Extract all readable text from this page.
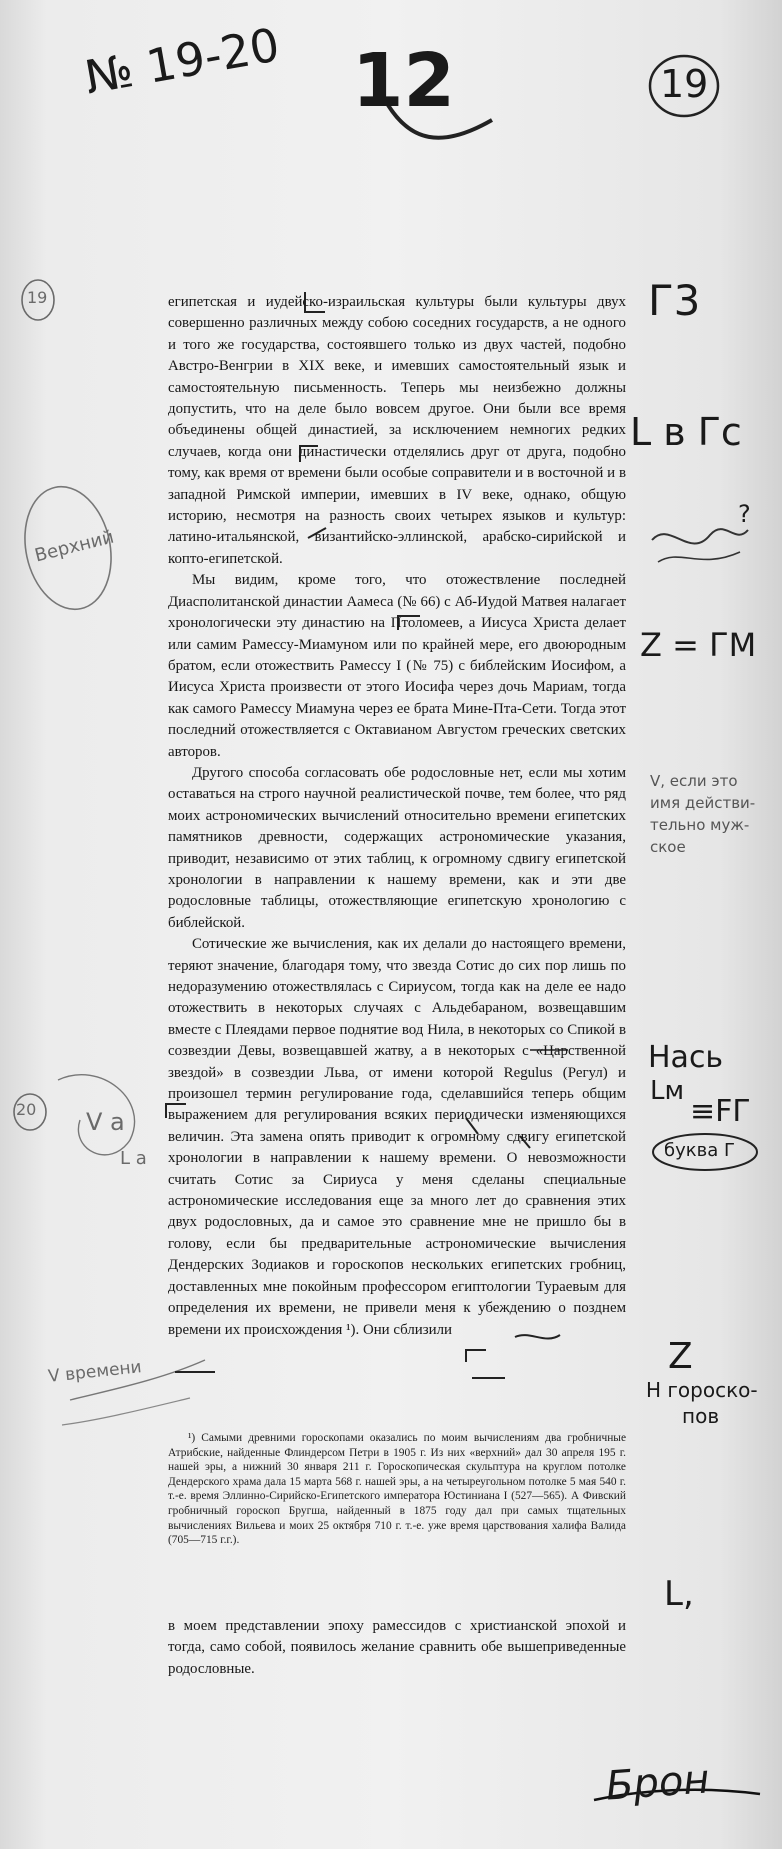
№ 19-20 12	19
19
Верхний
20 V а
L а
V времени
Г3
L в Гс
?
Z = ГМ
V, если это
имя действи-
тельно муж-
ское
Нась
Lм
≡FГ
буква Г
Z
Н гороско-
пов
L,

египетская и иудейско-израильская культуры были культуры двух совершенно различных между собою соседних государств, а не одного и того же государства, состоявшего только из двух частей, подобно Австро-Венгрии в XIX веке, и имевших самостоятельный язык и самостоятельную письменность. Теперь мы неизбежно должны допустить, что на деле было вовсем другое. Они были все время объединены общей династией, за исключением немногих редких случаев, когда они династически отделялись друг от друга, подобно тому, как время от времени были особые соправители и в восточной и в западной Римской империи, имевших в IV веке, однако, общую историю, несмотря на разность своих четырех языков и культур: латино-итальянской, византийско-эллинской, арабско-сирийской и копто-египетской.

Мы видим, кроме того, что отожествление последней Диасполитанской династии Аамеса (№ 66) с Аб-Иудой Матвея налагает хронологически эту династию на Птоломеев, а Иисуса Христа делает или самим Рамессу-Миамуном или по крайней мере, его двоюродным братом, если отожествить Рамессу I (№ 75) с библейским Иосифом, а Иисуса Христа произвести от этого Иосифа через дочь Мариам, тогда как самого Рамессу Миамуна через ее брата Мине-Пта-Сети. Тогда этот последний отожествляется с Октавианом Августом греческих светских авторов.

Другого способа согласовать обе родословные нет, если мы хотим оставаться на строго научной реалистической почве, тем более, что ряд моих астрономических вычислений относительно времени египетских памятников древности, содержащих астрономические указания, приводит, независимо от этих таблиц, к огромному сдвигу египетской хронологии в направлении к нашему времени, как и эти две родословные таблицы, отожествляющие египетскую хронологию с библейской.

Сотические же вычисления, как их делали до настоящего времени, теряют значение, благодаря тому, что звезда Сотис до сих пор лишь по недоразумению отожествлялась с Сириусом, тогда как на деле ее надо отожествить в некоторых случаях с Альдебараном, возвещавшим вместе с Плеядами первое поднятие вод Нила, в некоторых со Спикой в созвездии Девы, возвещавшей жатву, а в некоторых с «Царственной звездой» в созвездии Льва, от имени которой Regulus (Регул) и произошел термин регулирование года, сделавшийся теперь общим выражением для регулирования всяких периодически изменяющихся величин. Эта замена опять приводит к огромному сдвигу египетской хронологии в направлении к нашему времени. О невозможности считать Сотис за Сириуса у меня сделаны специальные астрономические исследования еще за много лет до сравнения этих двух родословных, да и самое это сравнение мне не пришло бы в голову, если бы предварительные астрономические вычисления Дендерских Зодиаков и гороскопов нескольких египетских гробниц, доставленных мне покойным профессором египтологии Тураевым для определения их времени, не привели меня к убеждению о позднем времени их происхождения ¹). Они сблизили

¹) Самыми древними гороскопами оказались по моим вычислениям два гробничные Атрибские, найденные Флиндерсом Петри в 1905 г. Из них «верхний» дал 30 апреля 195 г. нашей эры, а нижний 30 января 211 г. Гороскопическая скульптура на круглом потолке Дендерского храма дала 15 марта 568 г. нашей эры, а на четыреугольном потолке 5 мая 540 г. т.-е. время Эллинно-Сирийско-Египетского императора Юстиниана I (527—565). А Фивский гробничный гороскоп Бругша, найденный в 1875 году дал при самых тщательных вычислениях Вильева и моих 25 октября 710 г. т.-е. уже время царствования халифа Валида (705—715 г.г.).

в моем представлении эпоху рамессидов с христианской эпохой и тогда, само собой, появилось желание сравнить обе вышеприведенные родословные.

Брон
